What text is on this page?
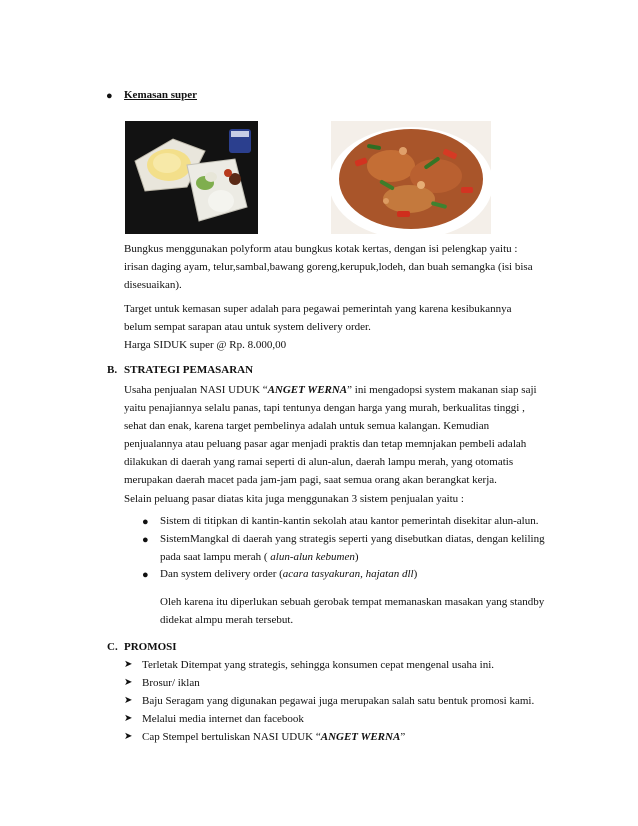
● Kemasan super
Bungkus menggunakan polyform atau bungkus kotak kertas, dengan isi pelengkap yaitu :
irisan daging ayam, telur,sambal,bawang goreng,kerupuk,lodeh, dan buah semangka (isi bisa
disesuaikan).
Target untuk kemasan super adalah para pegawai pemerintah yang karena kesibukannya
belum sempat sarapan atau untuk system delivery order.
Harga SIDUK super @ Rp. 8.000,00
B. STRATEGI PEMASARAN
Usaha penjualan NASI UDUK “ANGET WERNA” ini mengadopsi system makanan siap saji
yaitu penajiannya selalu panas, tapi tentunya dengan harga yang murah, berkualitas tinggi ,
sehat dan enak, karena target pembelinya adalah untuk semua kalangan. Kemudian
penjualannya atau peluang pasar agar menjadi praktis dan tetap memnjakan pembeli adalah
dilakukan di daerah yang ramai seperti di alun-alun, daerah lampu merah, yang otomatis
merupakan daerah macet pada jam-jam pagi, saat semua orang akan berangkat kerja.
Selain peluang pasar diatas kita juga menggunakan 3 sistem penjualan yaitu :
● Sistem di titipkan di kantin-kantin sekolah atau kantor pemerintah disekitar alun-alun.
● SistemMangkal di daerah yang strategis seperti yang disebutkan diatas, dengan keliling
pada saat lampu merah ( alun-alun kebumen)
● Dan system delivery order (acara tasyakuran, hajatan dll)
Oleh karena itu diperlukan sebuah gerobak tempat memanaskan masakan yang standby
didekat almpu merah tersebut.
C. PROMOSI
➤ Terletak Ditempat yang strategis, sehingga konsumen cepat mengenal usaha ini.
➤ Brosur/ iklan
➤ Baju Seragam yang digunakan pegawai juga merupakan salah satu bentuk promosi kami.
➤ Melalui media internet dan facebook
➤ Cap Stempel bertuliskan NASI UDUK “ANGET WERNA”
